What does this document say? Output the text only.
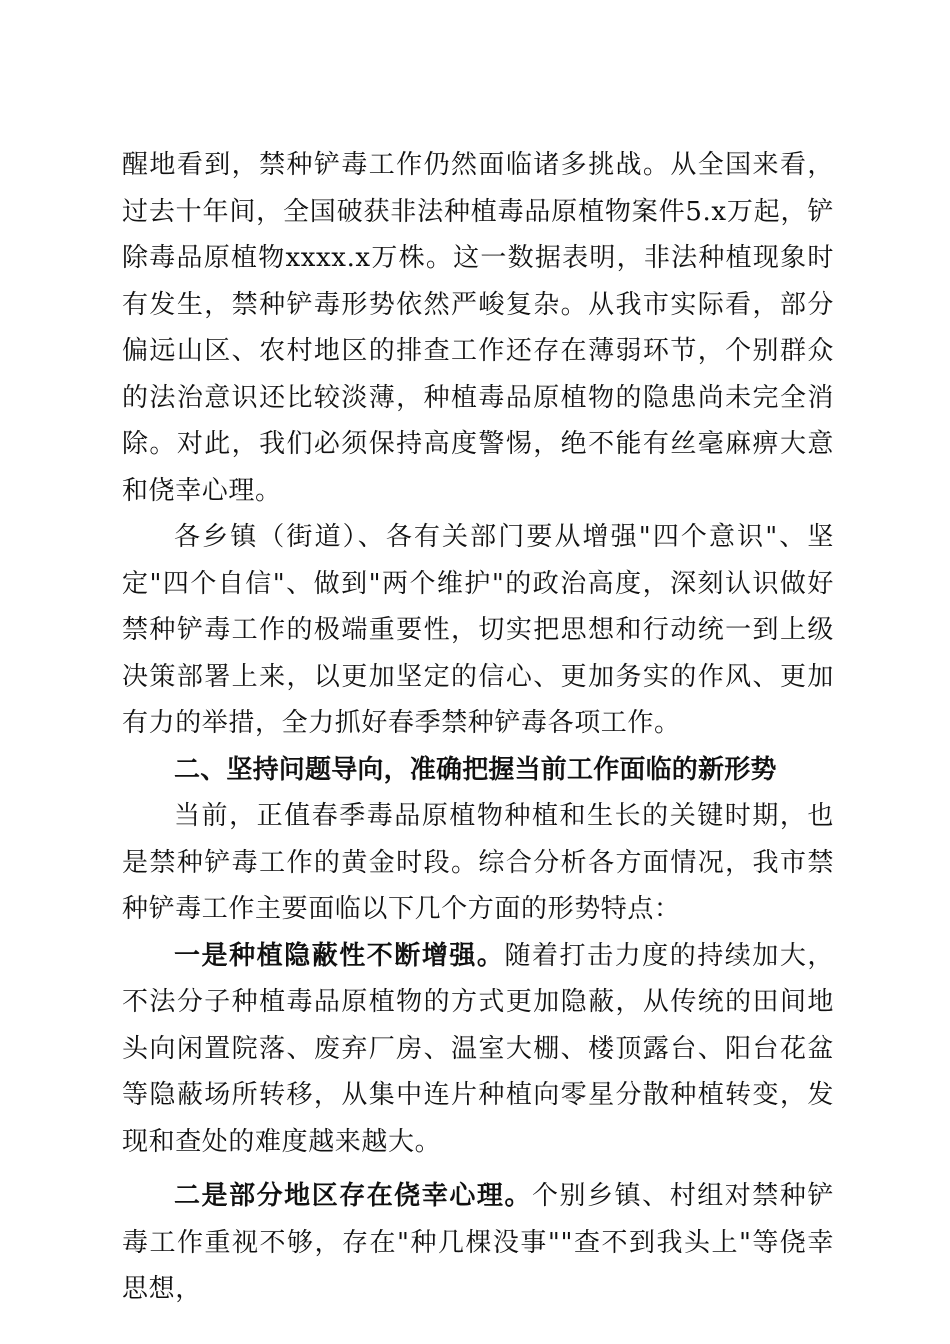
醒地看到，禁种铲毒工作仍然面临诸多挑战。从全国来看，过去十年间，全国破获非法种植毒品原植物案件5.x万起，铲除毒品原植物xxxx.x万株。这一数据表明，非法种植现象时有发生，禁种铲毒形势依然严峻复杂。从我市实际看，部分偏远山区、农村地区的排查工作还存在薄弱环节，个别群众的法治意识还比较淡薄，种植毒品原植物的隐患尚未完全消除。对此，我们必须保持高度警惕，绝不能有丝毫麻痹大意和侥幸心理。

各乡镇（街道）、各有关部门要从增强"四个意识"、坚定"四个自信"、做到"两个维护"的政治高度，深刻认识做好禁种铲毒工作的极端重要性，切实把思想和行动统一到上级决策部署上来，以更加坚定的信心、更加务实的作风、更加有力的举措，全力抓好春季禁种铲毒各项工作。

二、坚持问题导向，准确把握当前工作面临的新形势

当前，正值春季毒品原植物种植和生长的关键时期，也是禁种铲毒工作的黄金时段。综合分析各方面情况，我市禁种铲毒工作主要面临以下几个方面的形势特点：

一是种植隐蔽性不断增强。随着打击力度的持续加大，不法分子种植毒品原植物的方式更加隐蔽，从传统的田间地头向闲置院落、废弃厂房、温室大棚、楼顶露台、阳台花盆等隐蔽场所转移，从集中连片种植向零星分散种植转变，发现和查处的难度越来越大。

二是部分地区存在侥幸心理。个别乡镇、村组对禁种铲毒工作重视不够，存在"种几棵没事""查不到我头上"等侥幸思想，
